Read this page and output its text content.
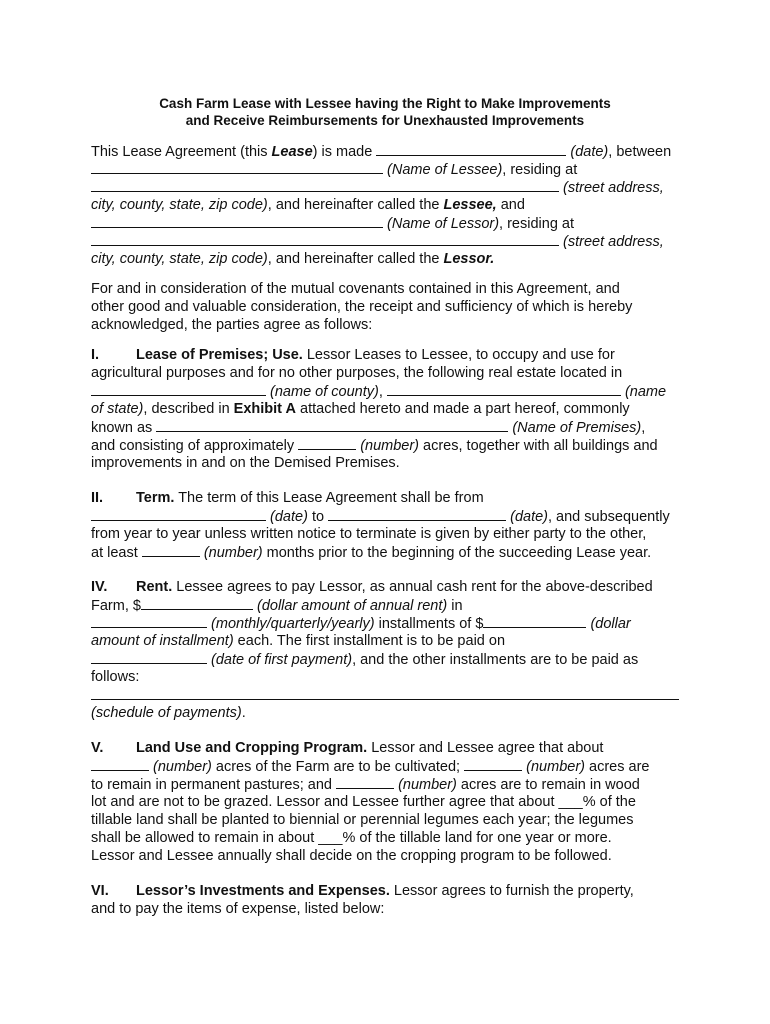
Cash Farm Lease with Lessee having the Right to Make Improvements
and Receive Reimbursements for Unexhausted Improvements
This Lease Agreement (this Lease) is made	(date), between
(Name of Lessee), residing at
(street address,
city, county, state, zip code), and hereinafter called the Lessee, and
(Name of Lessor), residing at
(street address,
city, county, state, zip code), and hereinafter called the Lessor.
For and in consideration of the mutual covenants contained in this Agreement, and
other good and valuable consideration, the receipt and sufficiency of which is hereby
acknowledged, the parties agree as follows:
I.	Lease of Premises; Use. Lessor Leases to Lessee, to occupy and use for
agricultural purposes and for no other purposes, the following real estate located in
(name of county),	(name
of state), described in Exhibit A attached hereto and made a part hereof, commonly
known as	(Name of Premises),
and consisting of approximately	(number) acres, together with all buildings and
improvements in and on the Demised Premises.
II. Term. The term of this Lease Agreement shall be from
(date) to	(date), and subsequently
from year to year unless written notice to terminate is given by either party to the other,
at least	(number) months prior to the beginning of the succeeding Lease year.
IV. Rent. Lessee agrees to pay Lessor, as annual cash rent for the above-described
Farm, $	(dollar amount of annual rent) in
(monthly/quarterly/yearly) installments of $	(dollar
amount of installment) each. The first installment is to be paid on
(date of first payment), and the other installments are to be paid as
follows:
(schedule of payments).
V. Land Use and Cropping Program. Lessor and Lessee agree that about
(number) acres of the Farm are to be cultivated;	(number) acres are
to remain in permanent pastures; and	(number) acres are to remain in wood
lot and are not to be grazed. Lessor and Lessee further agree that about ___% of the
tillable land shall be planted to biennial or perennial legumes each year; the legumes
shall be allowed to remain in about ___% of the tillable land for one year or more.
Lessor and Lessee annually shall decide on the cropping program to be followed.
VI. Lessor’s Investments and Expenses. Lessor agrees to furnish the property,
and to pay the items of expense, listed below:
